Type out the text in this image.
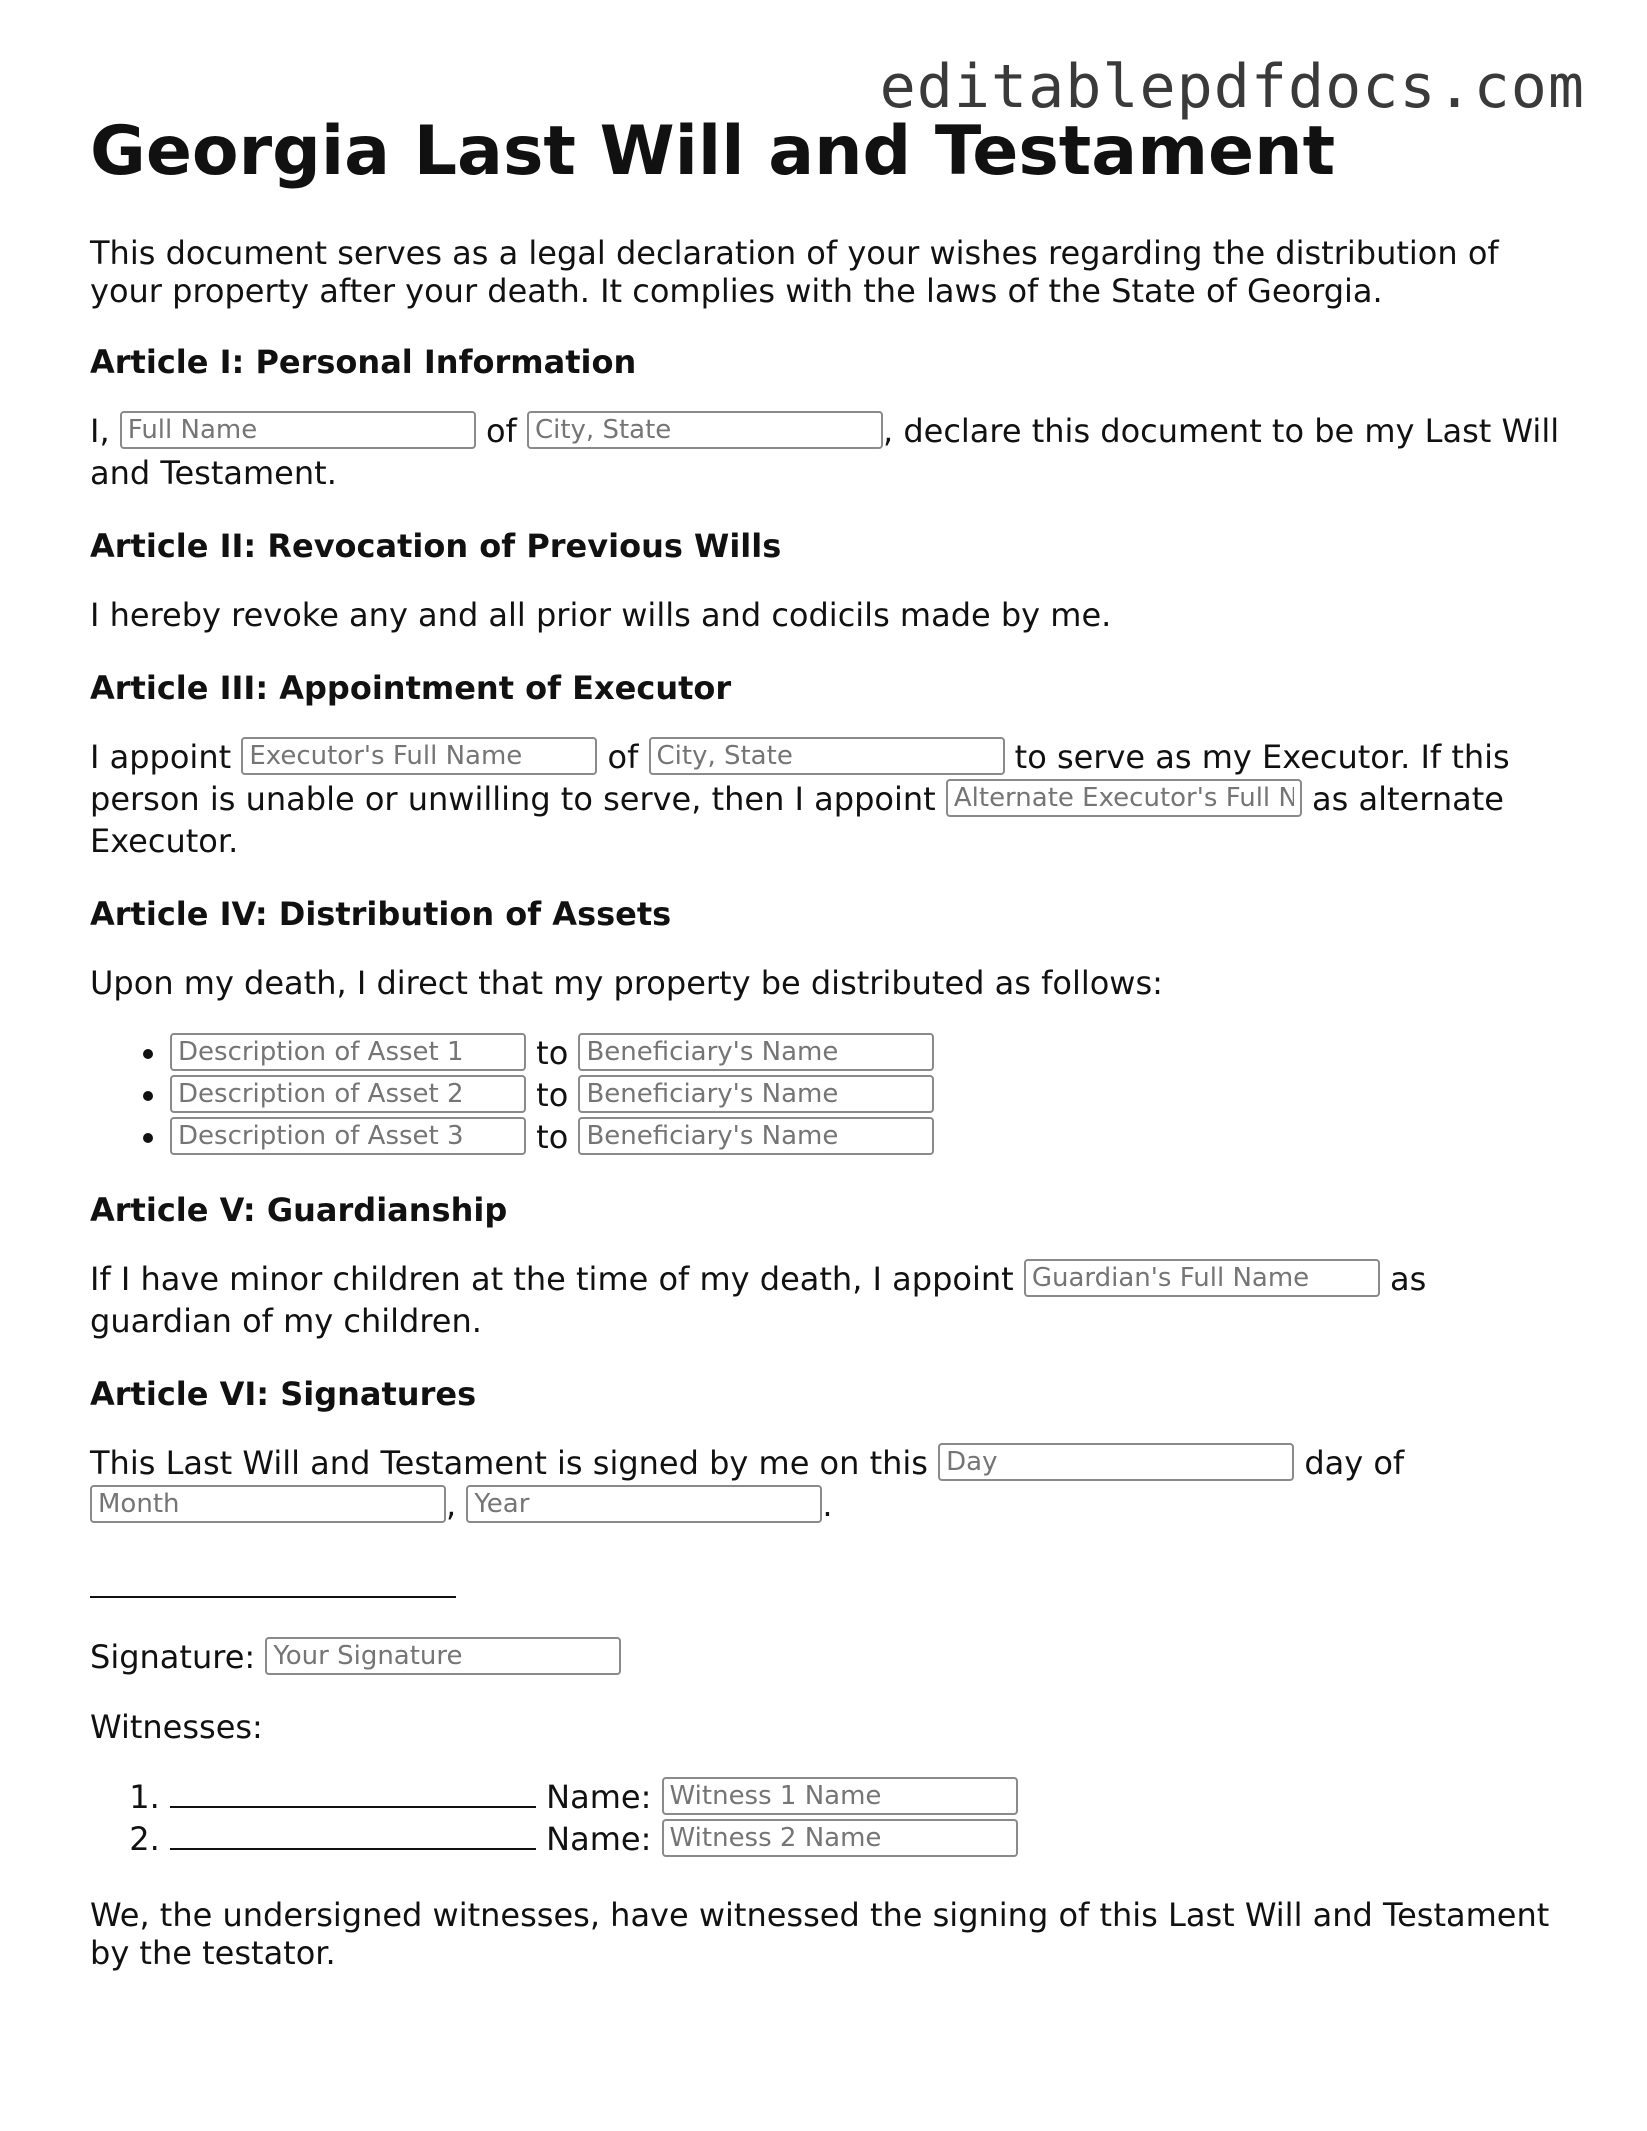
editablepdfdocs.com
Georgia Last Will and Testament
This document serves as a legal declaration of your wishes regarding the distribution of your property after your death. It complies with the laws of the State of Georgia.
Article I: Personal Information

I, Full Name	of City, State	, declare this document to be my Last Will and Testament.

Article II: Revocation of Previous Wills

I hereby revoke any and all prior wills and codicils made by me.

Article III: Appointment of Executor

I appoint Executor's Full Name	of City, State	to serve as my Executor. If this person is unable or unwilling to serve, then I appoint Alternate Executor's Full Name	as alternate Executor.

Article IV: Distribution of Assets

Upon my death, I direct that my property be distributed as follows:

Description of Asset 1 • to Beneficiary's Name
Description of Asset 2 • to Beneficiary's Name
Description of Asset 3 • to Beneficiary's Name
Article V: Guardianship

If I have minor children at the time of my death, I appoint Guardian's Full Name	as guardian of my children.

Article VI: Signatures

This Last Will and Testament is signed by me on this Day	day of Month, Year	.

Signature: Your Signature

Witnesses:

1. Name: Witness 1 Name
2. Name: Witness 2 Name
We, the undersigned witnesses, have witnessed the signing of this Last Will and Testament by the testator.
